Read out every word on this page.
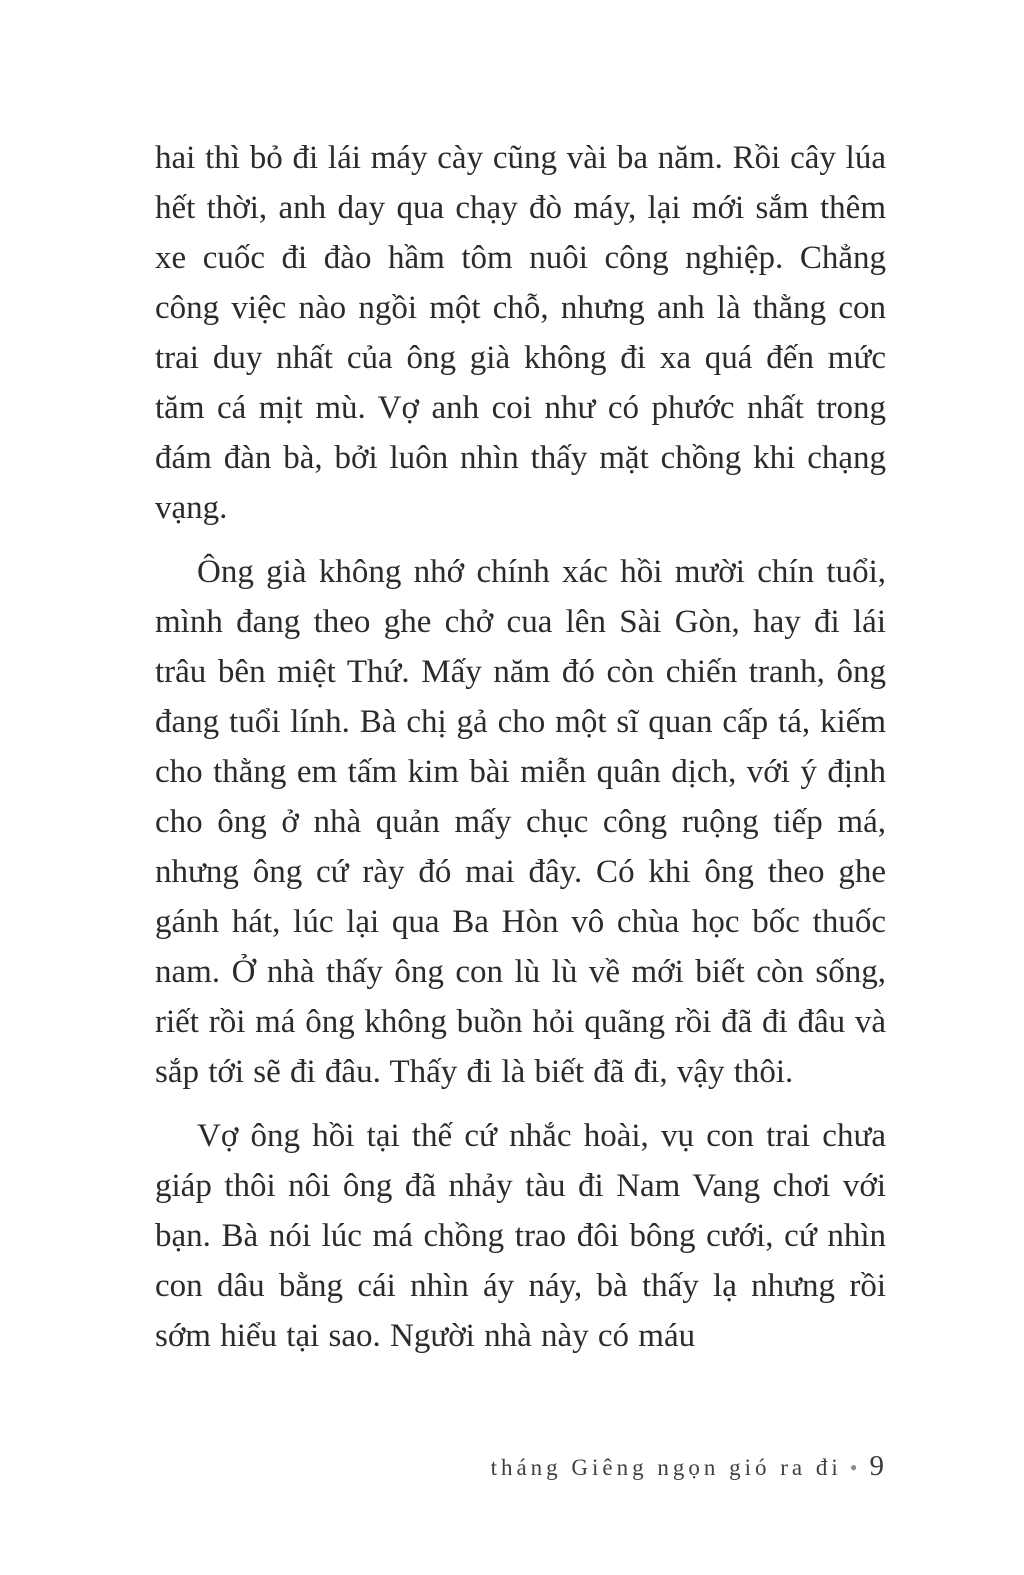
hai thì bỏ đi lái máy cày cũng vài ba năm. Rồi cây lúa hết thời, anh day qua chạy đò máy, lại mới sắm thêm xe cuốc đi đào hầm tôm nuôi công nghiệp. Chẳng công việc nào ngồi một chỗ, nhưng anh là thằng con trai duy nhất của ông già không đi xa quá đến mức tăm cá mịt mù. Vợ anh coi như có phước nhất trong đám đàn bà, bởi luôn nhìn thấy mặt chồng khi chạng vạng.

Ông già không nhớ chính xác hồi mười chín tuổi, mình đang theo ghe chở cua lên Sài Gòn, hay đi lái trâu bên miệt Thứ. Mấy năm đó còn chiến tranh, ông đang tuổi lính. Bà chị gả cho một sĩ quan cấp tá, kiếm cho thằng em tấm kim bài miễn quân dịch, với ý định cho ông ở nhà quản mấy chục công ruộng tiếp má, nhưng ông cứ rày đó mai đây. Có khi ông theo ghe gánh hát, lúc lại qua Ba Hòn vô chùa học bốc thuốc nam. Ở nhà thấy ông con lù lù về mới biết còn sống, riết rồi má ông không buồn hỏi quãng rồi đã đi đâu và sắp tới sẽ đi đâu. Thấy đi là biết đã đi, vậy thôi.

Vợ ông hồi tại thế cứ nhắc hoài, vụ con trai chưa giáp thôi nôi ông đã nhảy tàu đi Nam Vang chơi với bạn. Bà nói lúc má chồng trao đôi bông cưới, cứ nhìn con dâu bằng cái nhìn áy náy, bà thấy lạ nhưng rồi sớm hiểu tại sao. Người nhà này có máu

tháng Giêng ngọn gió ra đi • 9
